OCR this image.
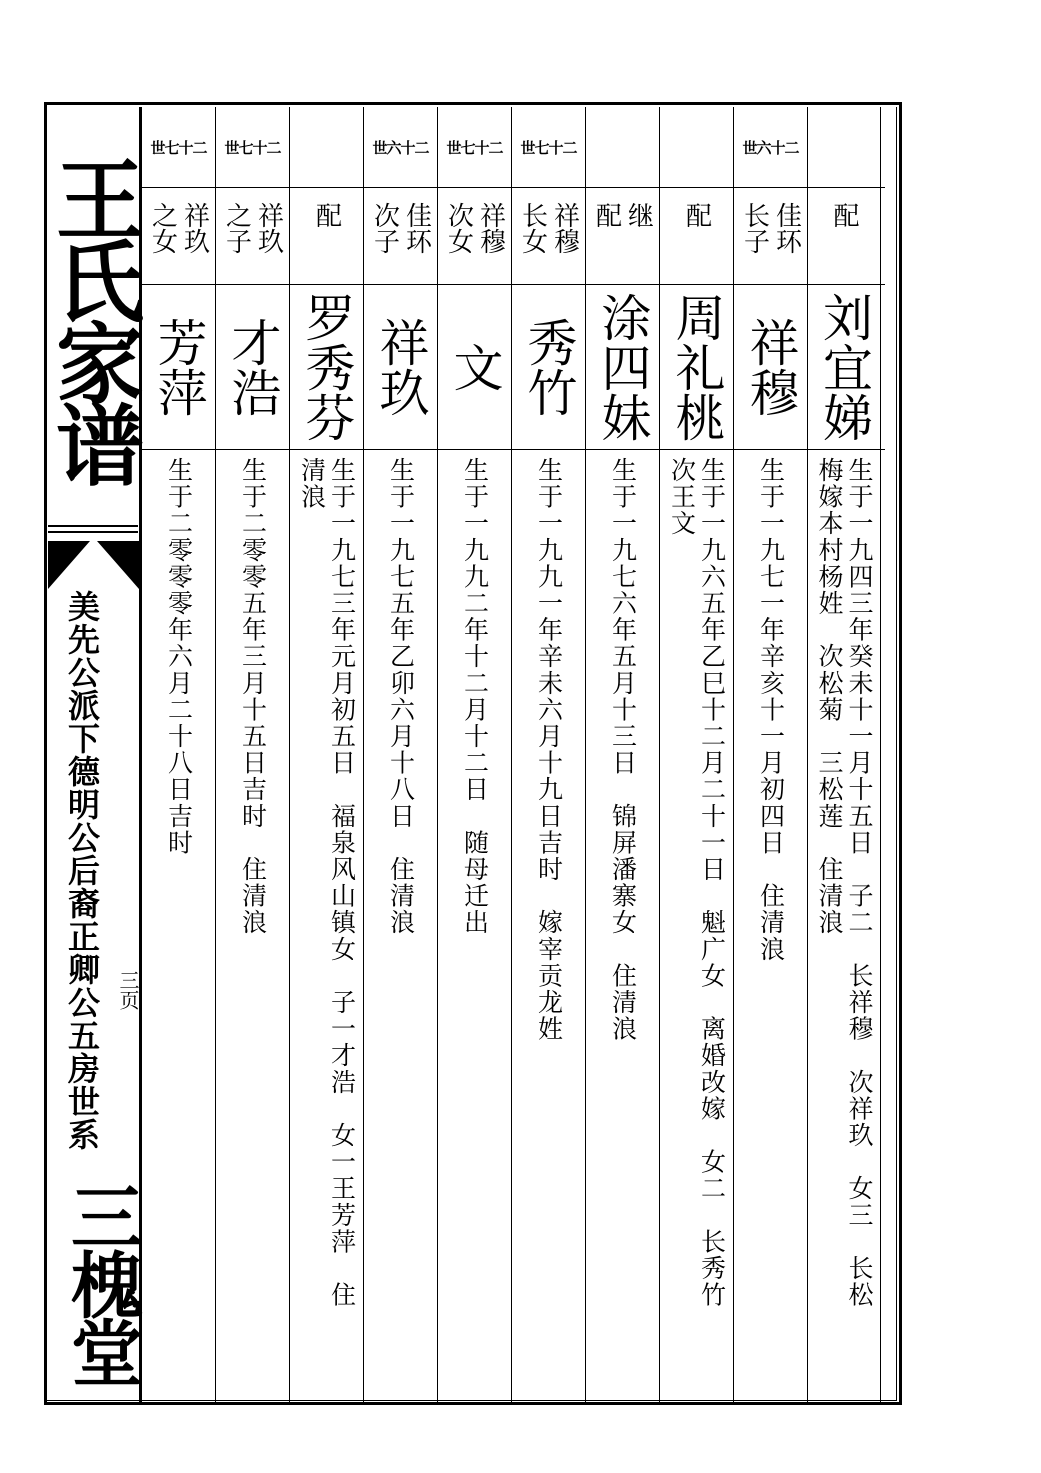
王氏家谱
美先公派下德明公后裔正卿公五房世系 三页
三槐堂
世七十二
祥玖
之女
芳萍
生于二零零零年六月二十八日吉时
世七十二
祥玖
之子
才浩
生于二零零五年三月十五日吉时　住清浪
配
罗秀芬
生于一九七三年元月初五日　福泉风山镇女　子一才浩　女一王芳萍　住
清浪
世六十二
佳环
次子
祥玖
生于一九七五年乙卯六月十八日　住清浪
世七十二
祥穆
次女
文
生于一九九二年十二月十二日　随母迁出
世七十二
祥穆
长女
秀竹
生于一九九一年辛未六月十九日吉时　嫁宰贡龙姓
继
配
涂四妹
生于一九七六年五月十三日　锦屏潘寨女　住清浪
配
周礼桃
生于一九六五年乙巳十二月二十一日　魁广女　离婚改嫁　女二　长秀竹
次王文
世六十二
佳环
长子
祥穆
生于一九七一年辛亥十一月初四日　住清浪
配
刘宜娣
生于一九四三年癸未十一月十五日　子二　长祥穆　次祥玖　女三　长松
梅嫁本村杨姓　次松菊　三松莲　住清浪
